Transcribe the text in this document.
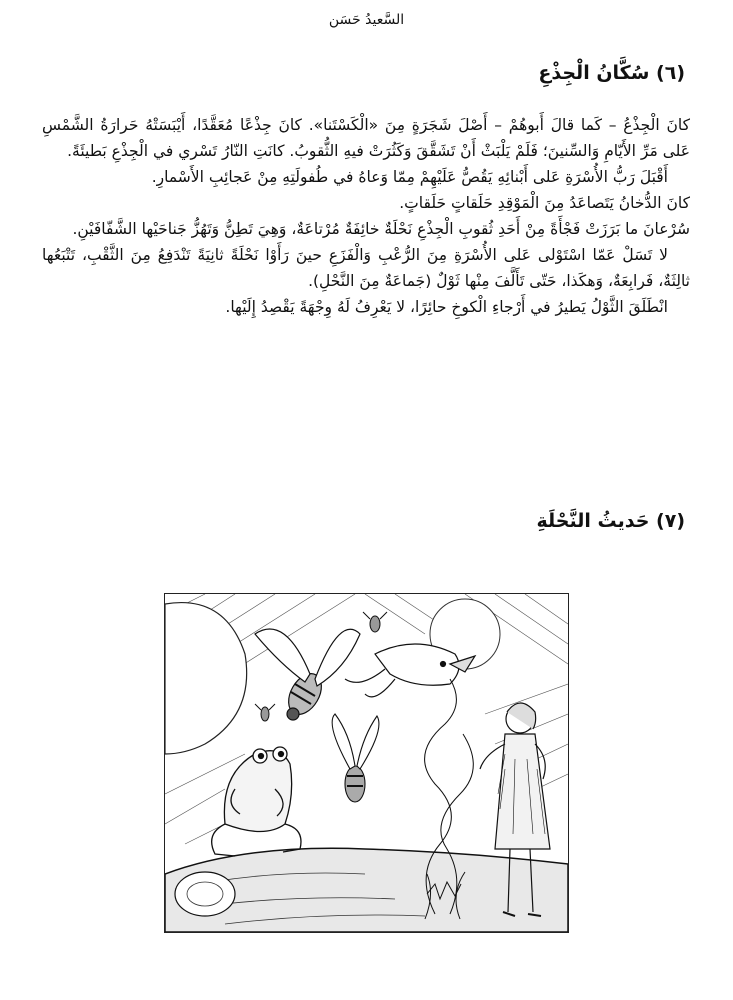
السَّعيدُ حَسَن
(٦) سُكَّانُ الْجِذْعِ

كانَ الْجِذْعُ – كَما قالَ أَبوهُمْ – أَصْلَ شَجَرَةٍ مِنَ «الْكَسْتَنا». كانَ جِذْعًا مُعَقَّدًا، أَيْبَسَتْهُ حَرارَةُ الشَّمْسِ عَلى مَرِّ الأَيّامِ وَالسِّنينَ؛ فَلَمْ يَلْبَثْ أَنْ تَشَقَّقَ وَكَثُرَتْ فيهِ الثُّقوبُ. كانَتِ النّارُ تَسْري في الْجِذْعِ بَطيئَةً.

أَقْبَلَ رَبُّ الأُسْرَةِ عَلى أَبْنائِهِ يَقُصُّ عَلَيْهِمْ مِمّا وَعاهُ في طُفولَتِهِ مِنْ عَجائِبِ الأَسْمارِ.

كانَ الدُّخانُ يَتَصاعَدُ مِنَ الْمَوْقِدِ حَلَقاتٍ حَلَقاتٍ.

سُرْعانَ ما بَرَزَتْ فَجْأَةً مِنْ أَحَدِ ثُقوبِ الْجِذْعِ نَحْلَةٌ خائِفَةٌ مُرْتاعَةٌ، وَهِيَ تَطِنُّ وَتَهُزُّ جَناحَيْها الشَّفّافَيْنِ.

لا تَسَلْ عَمّا اسْتَوْلى عَلى الأُسْرَةِ مِنَ الرُّعْبِ وَالْفَزَعِ حينَ رَأَوْا نَحْلَةً ثانِيَةً تَنْدَفِعُ مِنَ الثَّقْبِ، تَتْبَعُها ثالِثَةٌ، فَرابِعَةٌ، وَهكَذا، حَتّى تَأَلَّفَ مِنْها ثَوْلٌ (جَماعَةٌ مِنَ النَّحْلِ).

انْطَلَقَ الثَّوْلُ يَطيرُ في أَرْجاءِ الْكوخِ حائِرًا، لا يَعْرِفُ لَهُ وِجْهَةً يَقْصِدُ إِلَيْها.

(٧) حَديثُ النَّحْلَةِ
